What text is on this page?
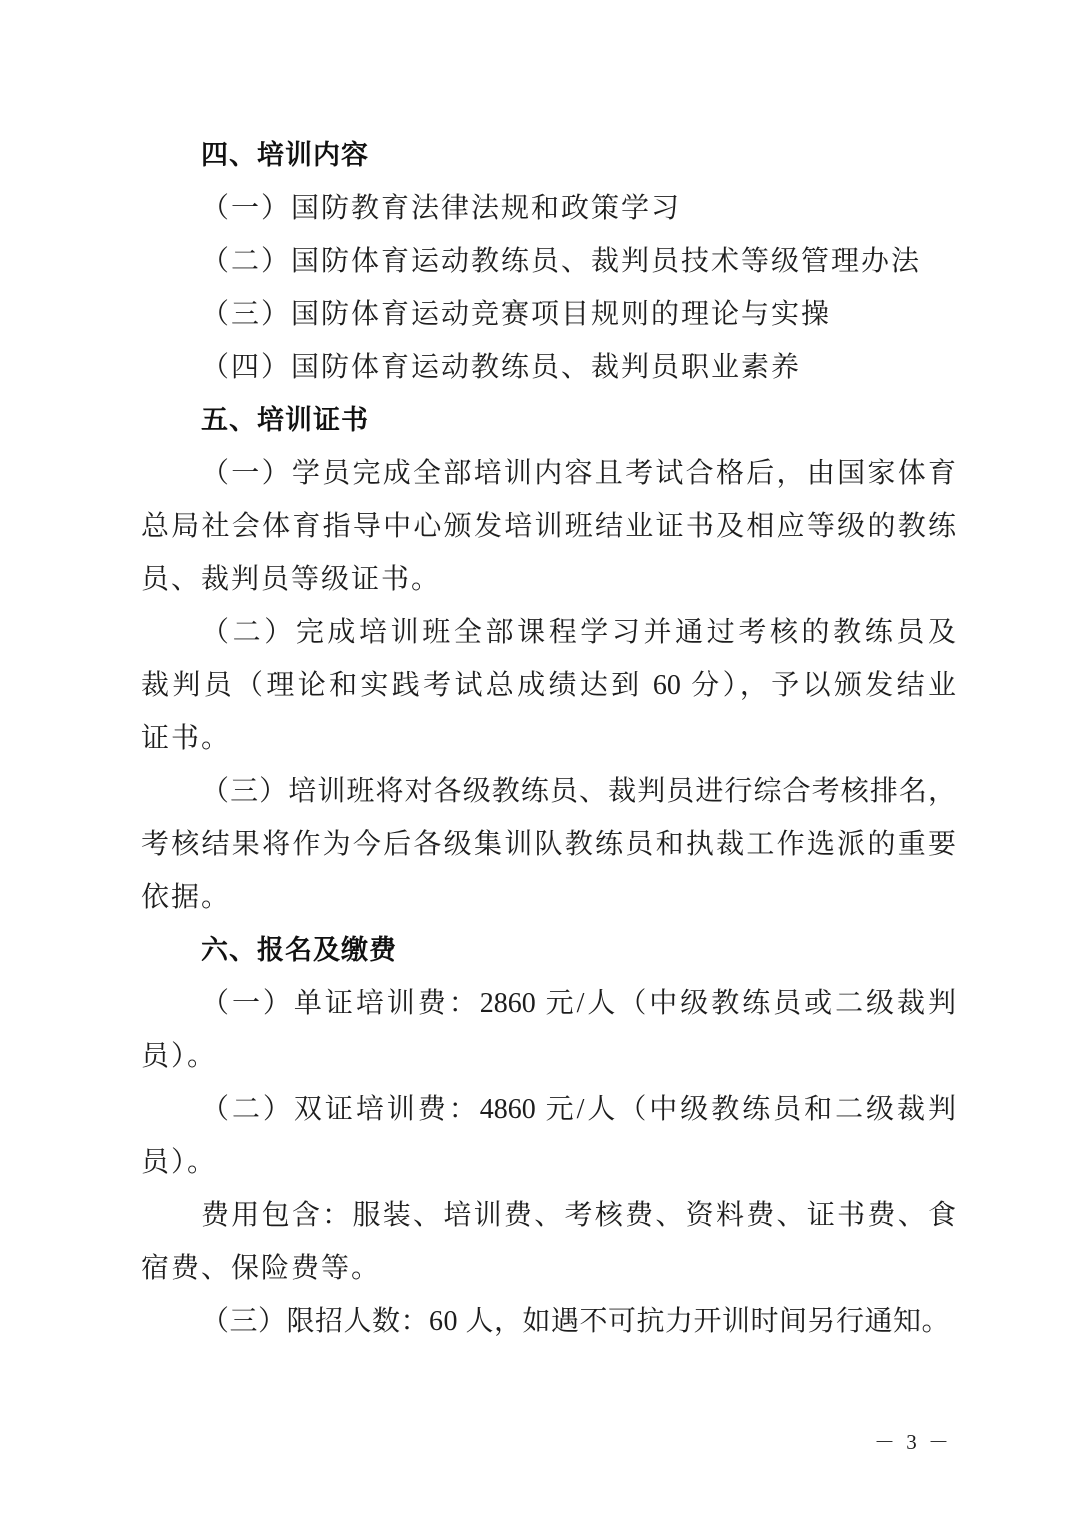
四、培训内容
（一）国防教育法律法规和政策学习
（二）国防体育运动教练员、裁判员技术等级管理办法
（三）国防体育运动竞赛项目规则的理论与实操
（四）国防体育运动教练员、裁判员职业素养
五、培训证书
（一）学员完成全部培训内容且考试合格后，由国家体育
总局社会体育指导中心颁发培训班结业证书及相应等级的教练
员、裁判员等级证书。
（二）完成培训班全部课程学习并通过考核的教练员及
裁判员（理论和实践考试总成绩达到 60 分），予以颁发结业
证书。
（三）培训班将对各级教练员、裁判员进行综合考核排名，
考核结果将作为今后各级集训队教练员和执裁工作选派的重要
依据。
六、报名及缴费
（一）单证培训费：2860 元/人（中级教练员或二级裁判
员）。
（二）双证培训费：4860 元/人（中级教练员和二级裁判
员）。
费用包含：服装、培训费、考核费、资料费、证书费、食
宿费、保险费等。
（三）限招人数：60 人，如遇不可抗力开训时间另行通知。
－ 3 －
